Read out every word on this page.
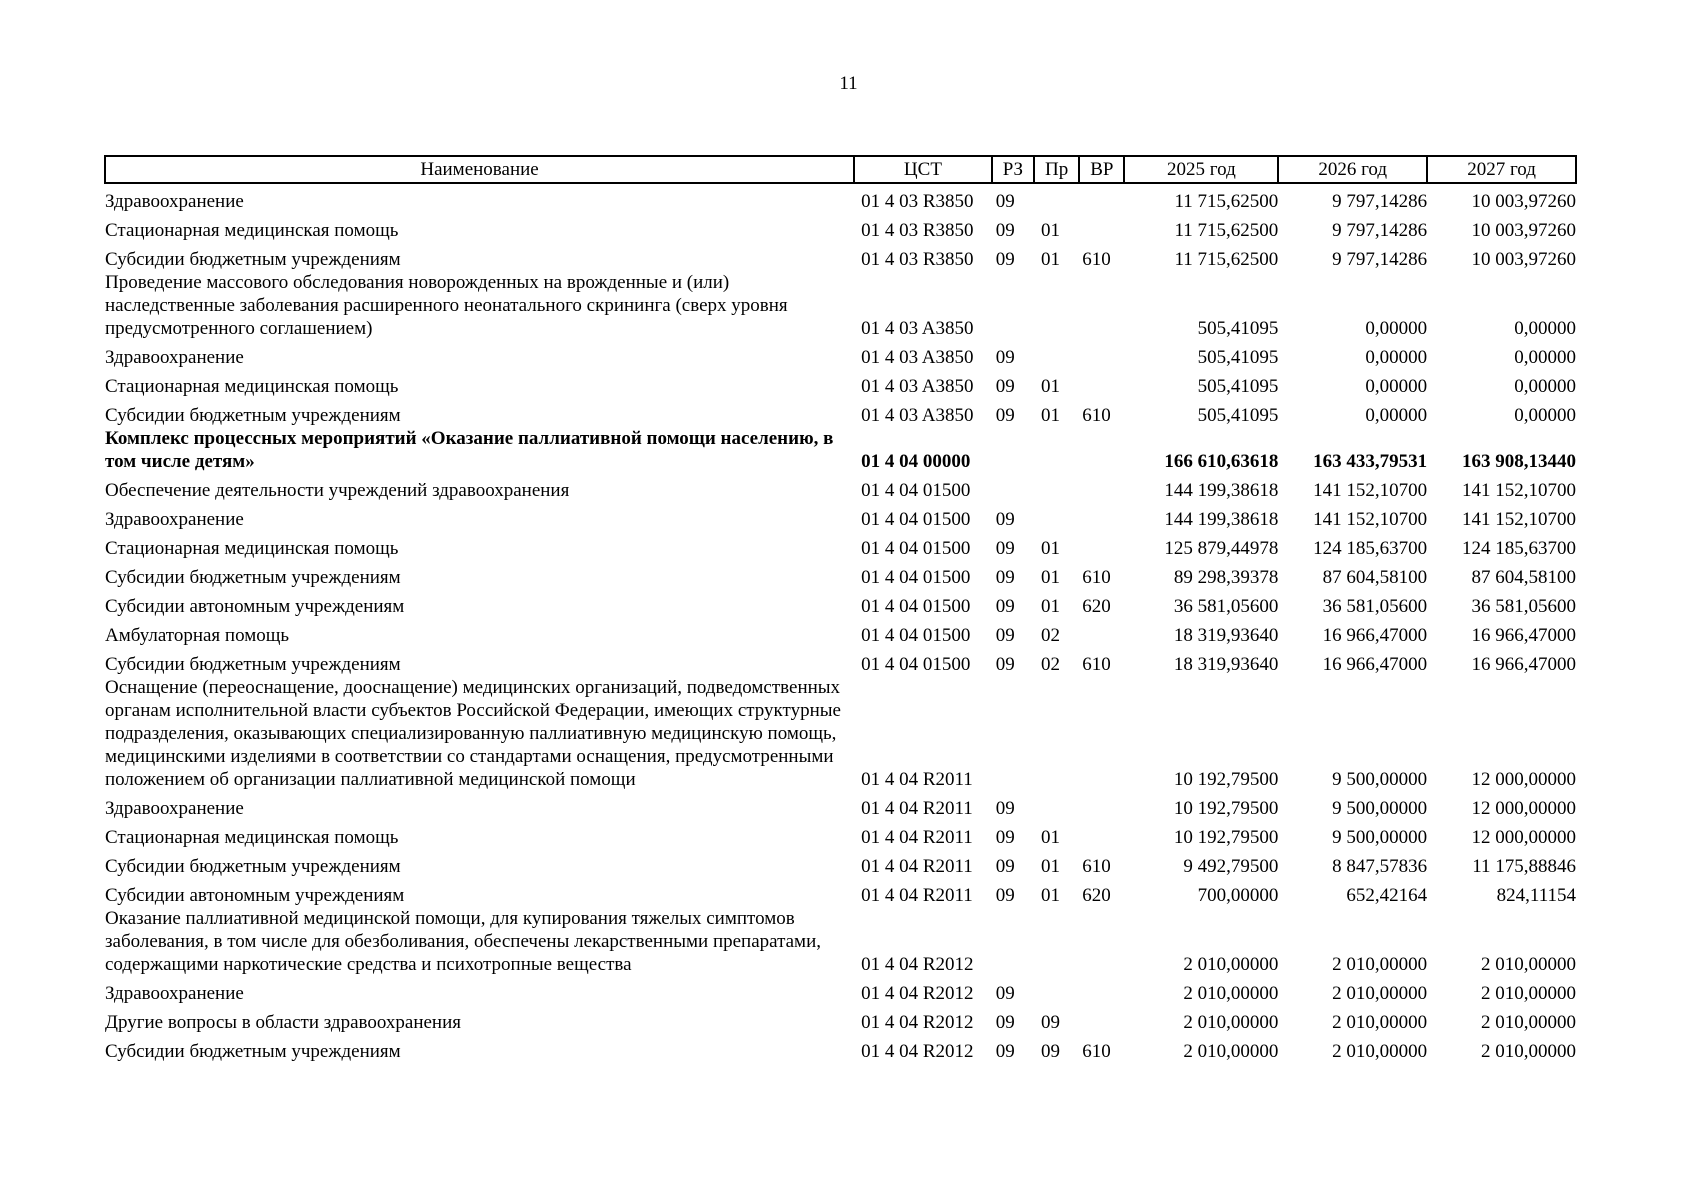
11
Наименование	ЦСТ	РЗ	Пр	ВР	2025 год	2026 год	2027 год
Здравоохранение	01 4 03 R3850	09			11 715,62500	9 797,14286	10 003,97260
Стационарная медицинская помощь	01 4 03 R3850	09	01		11 715,62500	9 797,14286	10 003,97260
Субсидии бюджетным учреждениям	01 4 03 R3850	09	01	610	11 715,62500	9 797,14286	10 003,97260
Проведение массового обследования новорожденных на врожденные и (или) наследственные заболевания расширенного неонатального скрининга (сверх уровня предусмотренного соглашением)	01 4 03 A3850				505,41095	0,00000	0,00000
Здравоохранение	01 4 03 A3850	09			505,41095	0,00000	0,00000
Стационарная медицинская помощь	01 4 03 A3850	09	01		505,41095	0,00000	0,00000
Субсидии бюджетным учреждениям	01 4 03 A3850	09	01	610	505,41095	0,00000	0,00000
Комплекс процессных мероприятий «Оказание паллиативной помощи населению, в том числе детям»	01 4 04 00000				166 610,63618	163 433,79531	163 908,13440
Обеспечение деятельности учреждений здравоохранения	01 4 04 01500				144 199,38618	141 152,10700	141 152,10700
Здравоохранение	01 4 04 01500	09			144 199,38618	141 152,10700	141 152,10700
Стационарная медицинская помощь	01 4 04 01500	09	01		125 879,44978	124 185,63700	124 185,63700
Субсидии бюджетным учреждениям	01 4 04 01500	09	01	610	89 298,39378	87 604,58100	87 604,58100
Субсидии автономным учреждениям	01 4 04 01500	09	01	620	36 581,05600	36 581,05600	36 581,05600
Амбулаторная помощь	01 4 04 01500	09	02		18 319,93640	16 966,47000	16 966,47000
Субсидии бюджетным учреждениям	01 4 04 01500	09	02	610	18 319,93640	16 966,47000	16 966,47000
Оснащение (переоснащение, дооснащение) медицинских организаций, подведомственных органам исполнительной власти субъектов Российской Федерации, имеющих структурные подразделения, оказывающих специализированную паллиативную медицинскую помощь, медицинскими изделиями в соответствии со стандартами оснащения, предусмотренными положением об организации паллиативной медицинской помощи	01 4 04 R2011				10 192,79500	9 500,00000	12 000,00000
Здравоохранение	01 4 04 R2011	09			10 192,79500	9 500,00000	12 000,00000
Стационарная медицинская помощь	01 4 04 R2011	09	01		10 192,79500	9 500,00000	12 000,00000
Субсидии бюджетным учреждениям	01 4 04 R2011	09	01	610	9 492,79500	8 847,57836	11 175,88846
Субсидии автономным учреждениям	01 4 04 R2011	09	01	620	700,00000	652,42164	824,11154
Оказание паллиативной медицинской помощи, для купирования тяжелых симптомов заболевания, в том числе для обезболивания, обеспечены лекарственными препаратами, содержащими наркотические средства и психотропные вещества	01 4 04 R2012				2 010,00000	2 010,00000	2 010,00000
Здравоохранение	01 4 04 R2012	09			2 010,00000	2 010,00000	2 010,00000
Другие вопросы в области здравоохранения	01 4 04 R2012	09	09		2 010,00000	2 010,00000	2 010,00000
Субсидии бюджетным учреждениям	01 4 04 R2012	09	09	610	2 010,00000	2 010,00000	2 010,00000
